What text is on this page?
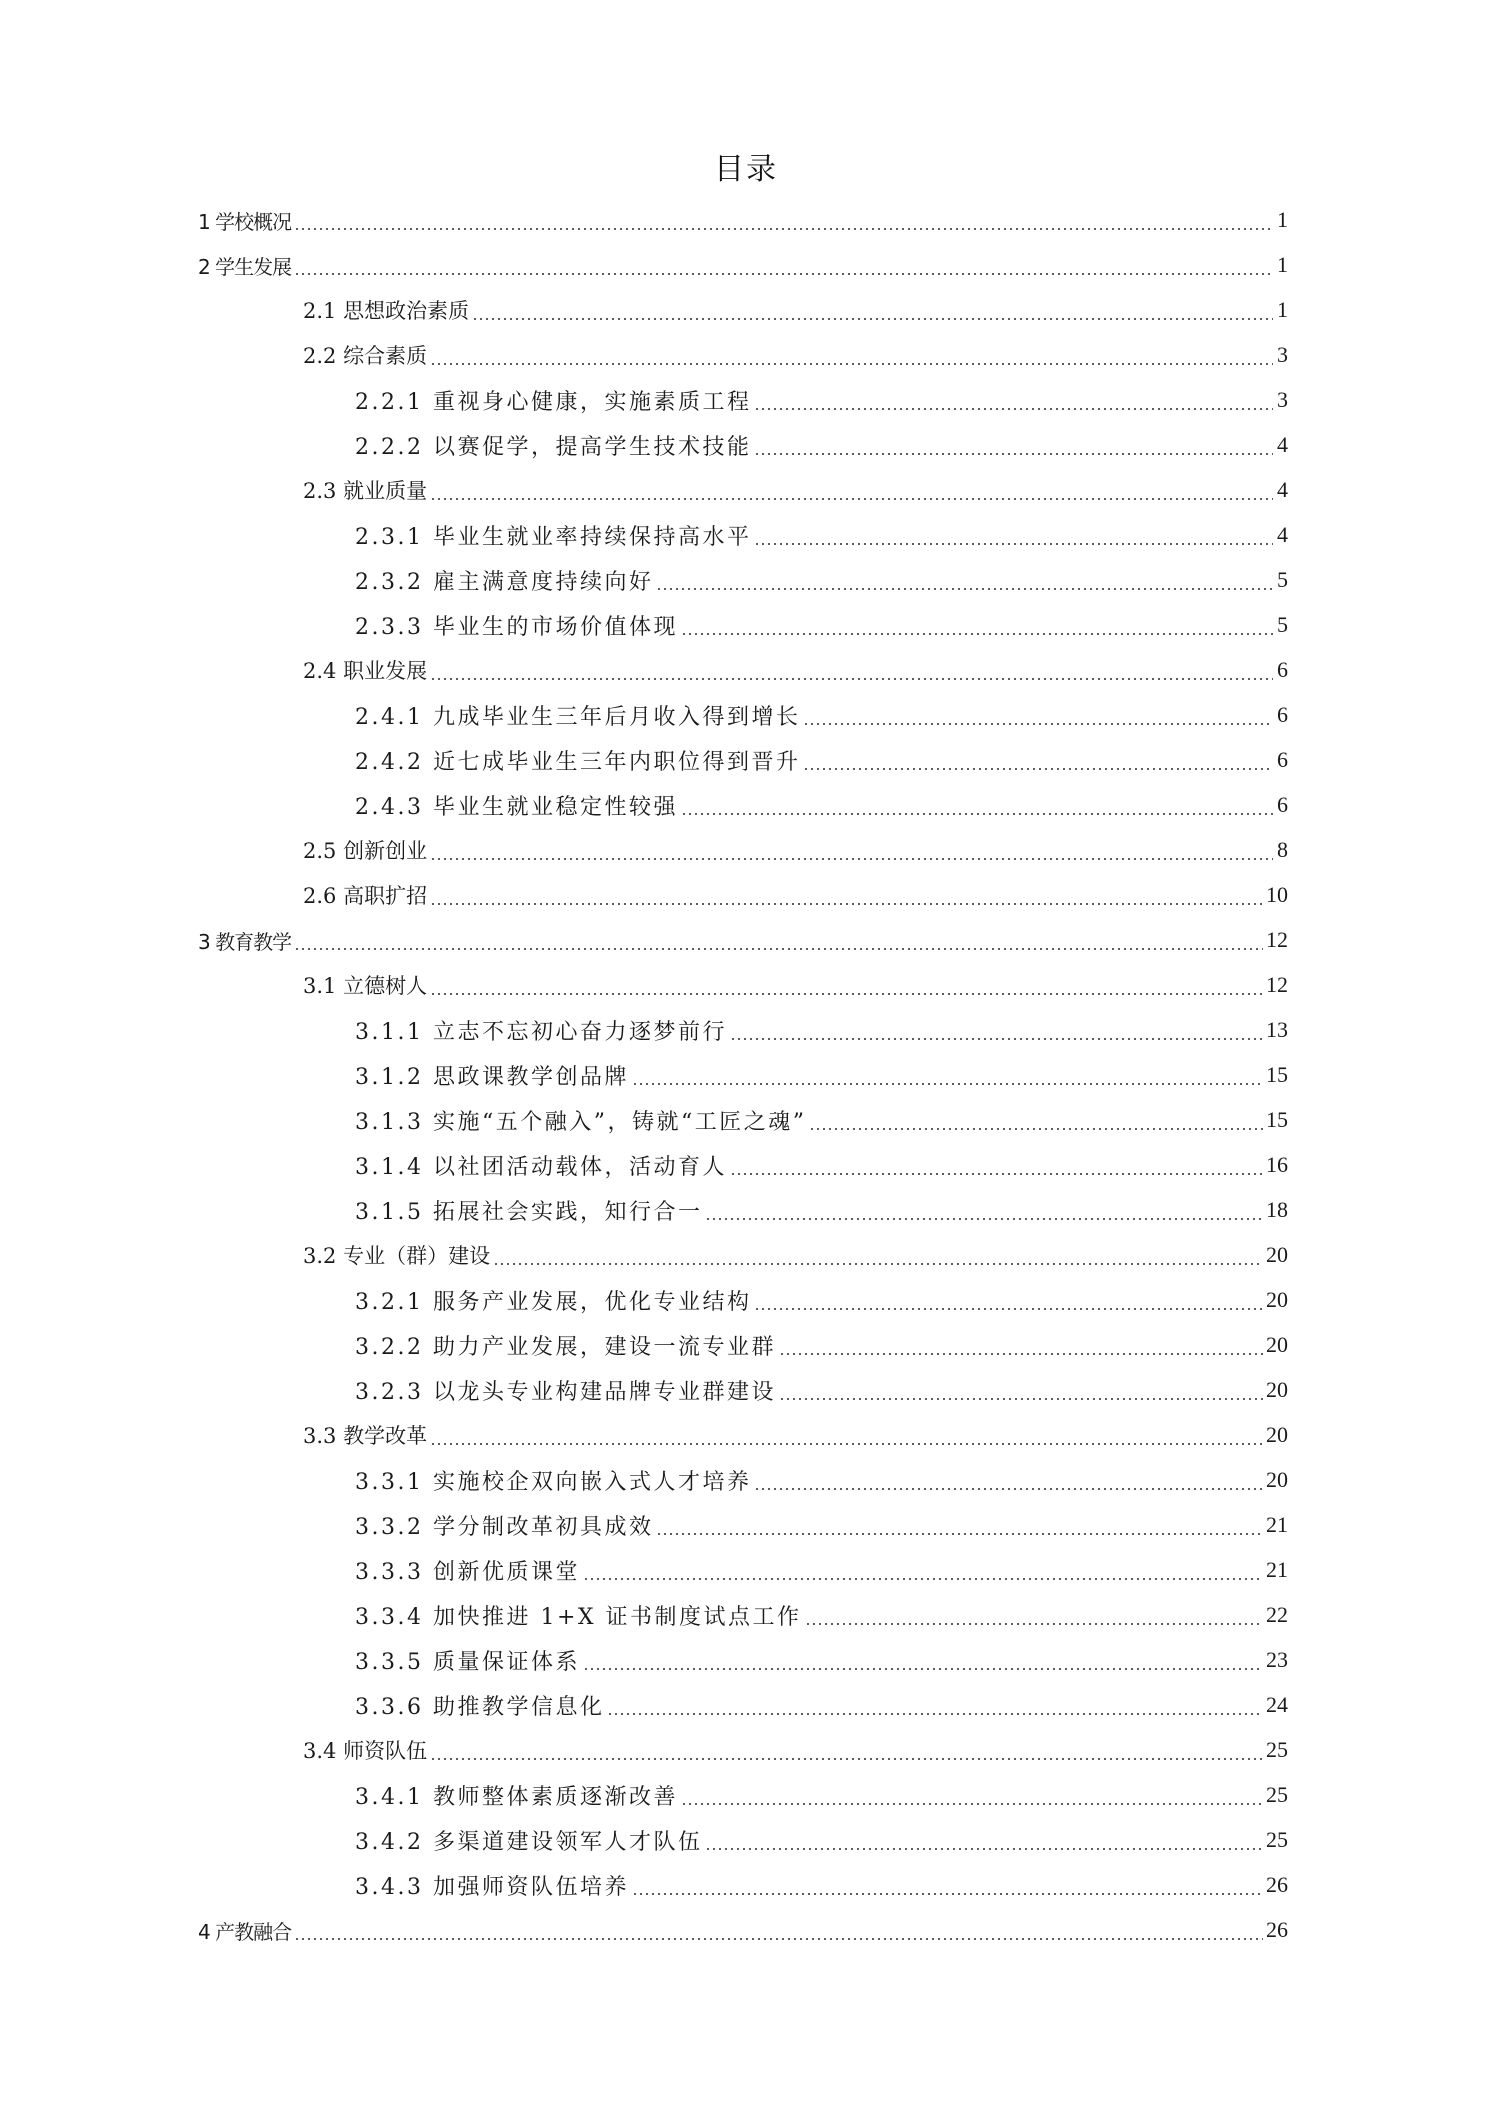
目录
1 学校概况	1
2 学生发展	1
2.1 思想政治素质	1
2.2 综合素质	3
2.2.1 重视身心健康，实施素质工程	3
2.2.2 以赛促学，提高学生技术技能	4
2.3 就业质量	4
2.3.1 毕业生就业率持续保持高水平	4
2.3.2 雇主满意度持续向好	5
2.3.3 毕业生的市场价值体现	5
2.4 职业发展	6
2.4.1 九成毕业生三年后月收入得到增长	6
2.4.2 近七成毕业生三年内职位得到晋升	6
2.4.3 毕业生就业稳定性较强	6
2.5 创新创业	8
2.6 高职扩招	10
3 教育教学	12
3.1 立德树人	12
3.1.1 立志不忘初心奋力逐梦前行	13
3.1.2 思政课教学创品牌	15
3.1.3 实施“五个融入”，铸就“工匠之魂”	15
3.1.4 以社团活动载体，活动育人	16
3.1.5 拓展社会实践，知行合一	18
3.2 专业（群）建设	20
3.2.1 服务产业发展，优化专业结构	20
3.2.2 助力产业发展，建设一流专业群	20
3.2.3 以龙头专业构建品牌专业群建设	20
3.3 教学改革	20
3.3.1 实施校企双向嵌入式人才培养	20
3.3.2 学分制改革初具成效	21
3.3.3 创新优质课堂	21
3.3.4 加快推进 1+X 证书制度试点工作	22
3.3.5 质量保证体系	23
3.3.6 助推教学信息化	24
3.4 师资队伍	25
3.4.1 教师整体素质逐渐改善	25
3.4.2 多渠道建设领军人才队伍	25
3.4.3 加强师资队伍培养	26
4 产教融合	26
